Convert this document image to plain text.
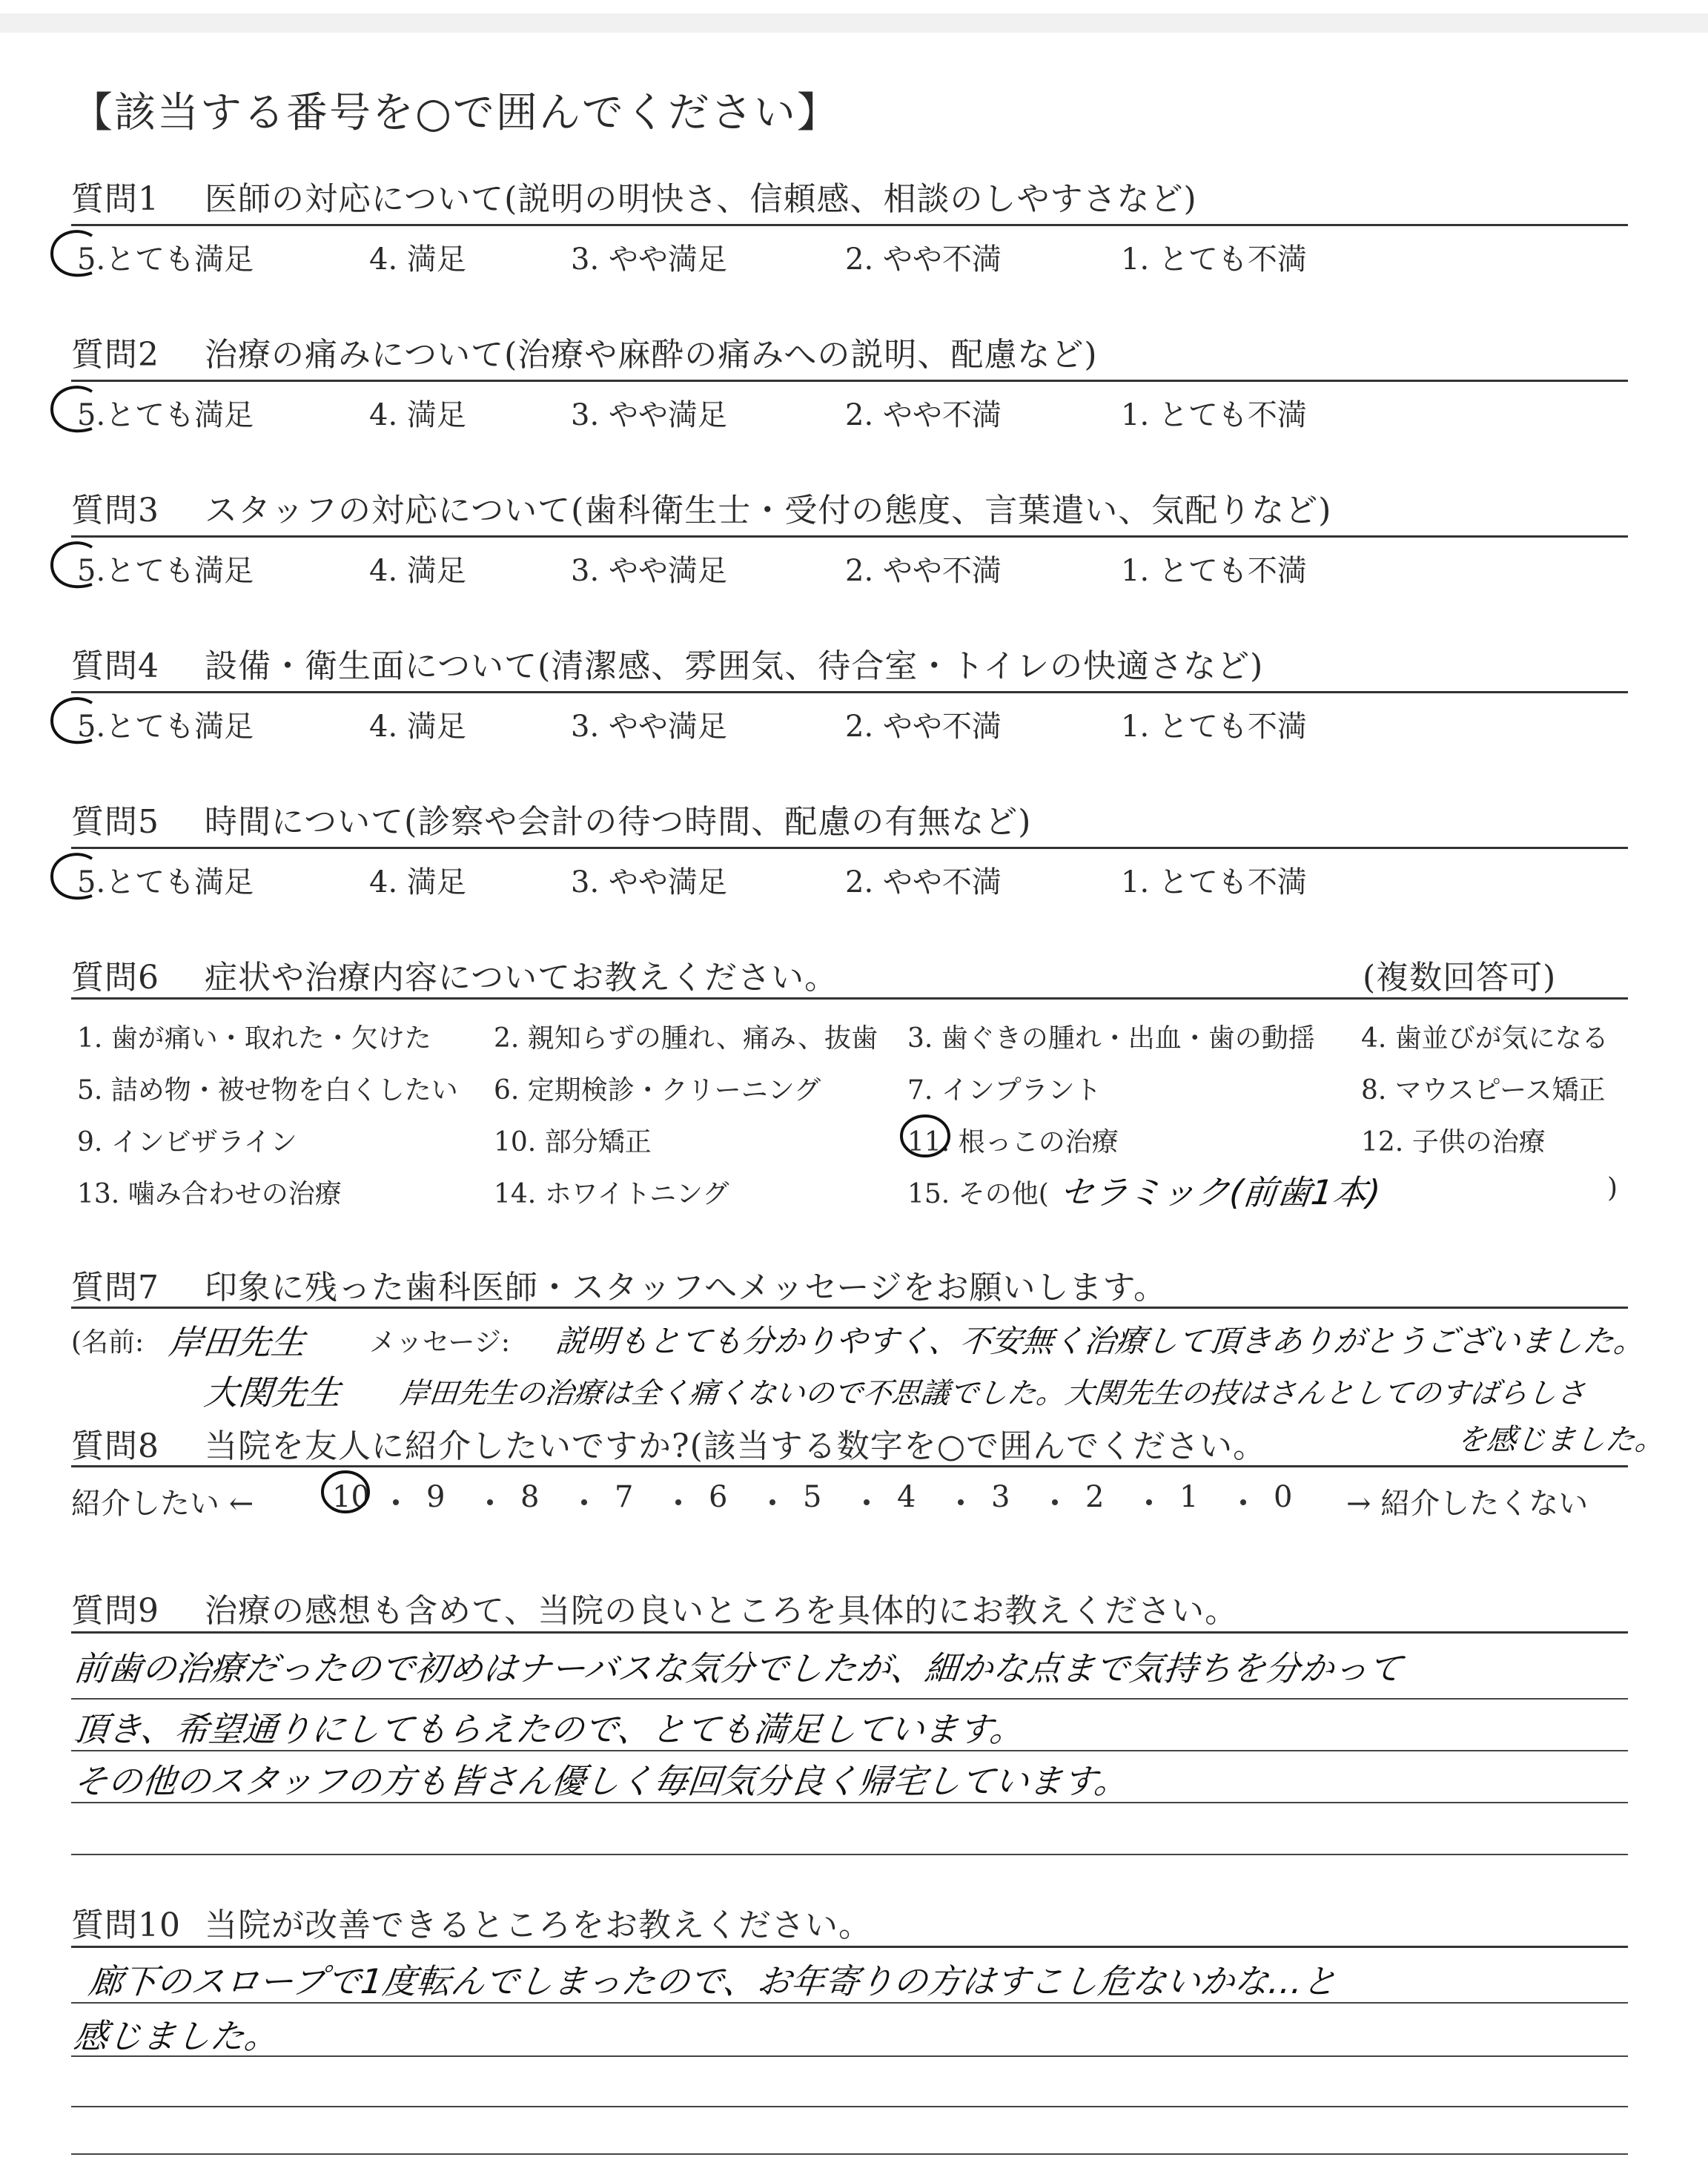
【該当する番号を○で囲んでください】
質問1 医師の対応について(説明の明快さ、信頼感、相談のしやすさなど)
5.とても満足	4. 満足	3. やや満足	2. やや不満	1. とても不満
質問2 治療の痛みについて(治療や麻酔の痛みへの説明、配慮など)
5.とても満足	4. 満足	3. やや満足	2. やや不満	1. とても不満
質問3 スタッフの対応について(歯科衛生士・受付の態度、言葉遣い、気配りなど)
5.とても満足	4. 満足	3. やや満足	2. やや不満	1. とても不満
質問4 設備・衛生面について(清潔感、雰囲気、待合室・トイレの快適さなど)
5.とても満足	4. 満足	3. やや満足	2. やや不満	1. とても不満
質問5 時間について(診察や会計の待つ時間、配慮の有無など)
5.とても満足	4. 満足	3. やや満足	2. やや不満	1. とても不満
質問6 症状や治療内容についてお教えください。	(複数回答可)
1. 歯が痛い・取れた・欠けた 2. 親知らずの腫れ、痛み、抜歯 3. 歯ぐきの腫れ・出血・歯の動揺 4. 歯並びが気になる
5. 詰め物・被せ物を白くしたい 6. 定期検診・クリーニング	7. インプラント	8. マウスピース矯正
9. インビザライン	10. 部分矯正	11. 根っこの治療	12. 子供の治療
13. 噛み合わせの治療	14. ホワイトニング	15. その他( セラミック(前歯1本)	)
質問7 印象に残った歯科医師・スタッフへメッセージをお願いします。
(名前: 岸田先生
大関先生
メッセージ: 説明もとても分かりやすく、不安無く治療して頂きありがとうございました。
岸田先生の治療は全く痛くないので不思議でした。大関先生の技はさんとしてのすばらしさ
質問8 当院を友人に紹介したいですか?(該当する数字を○で囲んでください。	を感じました。
紹介したい ←	→ 紹介したくない
10 9	8	7	6	5	4	3	2	1	0
質問9 治療の感想も含めて、当院の良いところを具体的にお教えください。
前歯の治療だったので初めはナーバスな気分でしたが、細かな点まで気持ちを分かって
頂き、希望通りにしてもらえたので、とても満足しています。
その他のスタッフの方も皆さん優しく毎回気分良く帰宅しています。
質問10 当院が改善できるところをお教えください。
廊下のスロープで1度転んでしまったので、お年寄りの方はすこし危ないかな…と
感じました。
